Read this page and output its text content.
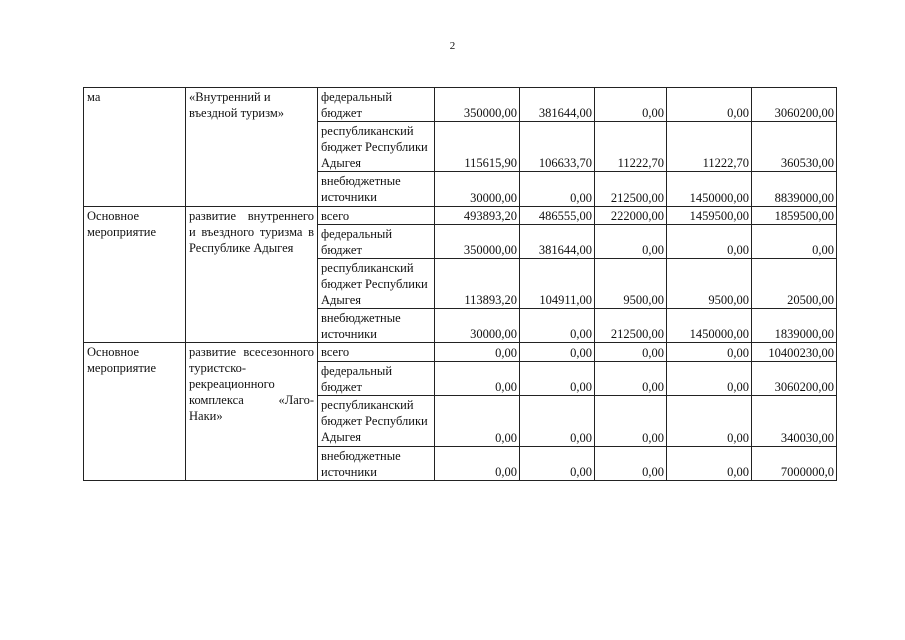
2
ма	«Внутренний и въездной туризм»	федеральный бюджет	350000,00	381644,00	0,00	0,00	3060200,00
		республиканский бюджет Республики Адыгея	115615,90	106633,70	11222,70	11222,70	360530,00
		внебюджетные источники	30000,00	0,00	212500,00	1450000,00	8839000,00
Основное мероприятие	развитие внутреннего и въездного туризма в Республике Адыгея	всего	493893,20	486555,00	222000,00	1459500,00	1859500,00
		федеральный бюджет	350000,00	381644,00	0,00	0,00	0,00
		республиканский бюджет Республики Адыгея	113893,20	104911,00	9500,00	9500,00	20500,00
		внебюджетные источники	30000,00	0,00	212500,00	1450000,00	1839000,00
Основное мероприятие	развитие всесезонного туристско-рекреационного комплекса «Лаго-Наки»	всего	0,00	0,00	0,00	0,00	10400230,00
		федеральный бюджет	0,00	0,00	0,00	0,00	3060200,00
		республиканский бюджет Республики Адыгея	0,00	0,00	0,00	0,00	340030,00
		внебюджетные источники	0,00	0,00	0,00	0,00	7000000,0
